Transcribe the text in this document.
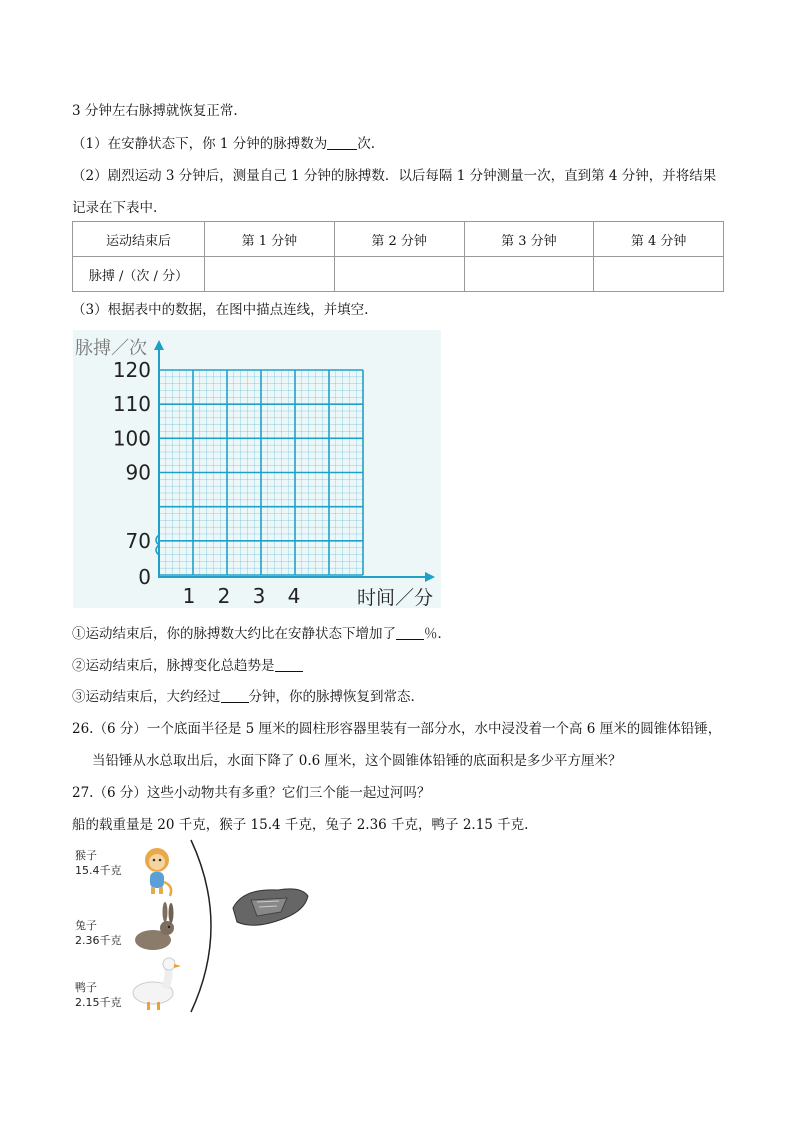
3 分钟左右脉搏就恢复正常.
（1）在安静状态下，你 1 分钟的脉搏数为 次.
（2）剧烈运动 3 分钟后，测量自己 1 分钟的脉搏数．以后每隔 1 分钟测量一次，直到第 4 分钟，并将结果
记录在下表中.
运动结束后	第 1 分钟	第 2 分钟	第 3 分钟	第 4 分钟
脉搏 /（次 / 分）				
（3）根据表中的数据，在图中描点连线，并填空.
脉搏／次
时间／分
120
110
100
90
70
0
1 2 3 4
①运动结束后，你的脉搏数大约比在安静状态下增加了 ％．
②运动结束后，脉搏变化总趋势是
③运动结束后，大约经过 分钟，你的脉搏恢复到常态.
26.（6 分）一个底面半径是 5 厘米的圆柱形容器里装有一部分水，水中浸没着一个高 6 厘米的圆锥体铅锤，
当铅锤从水总取出后，水面下降了 0.6 厘米，这个圆锥体铅锤的底面积是多少平方厘米？
27.（6 分）这些小动物共有多重？它们三个能一起过河吗？
船的载重量是 20 千克，猴子 15.4 千克，兔子 2.36 千克，鸭子 2.15 千克.
猴子
15.4千克
兔子
2.36千克
鸭子
2.15千克
